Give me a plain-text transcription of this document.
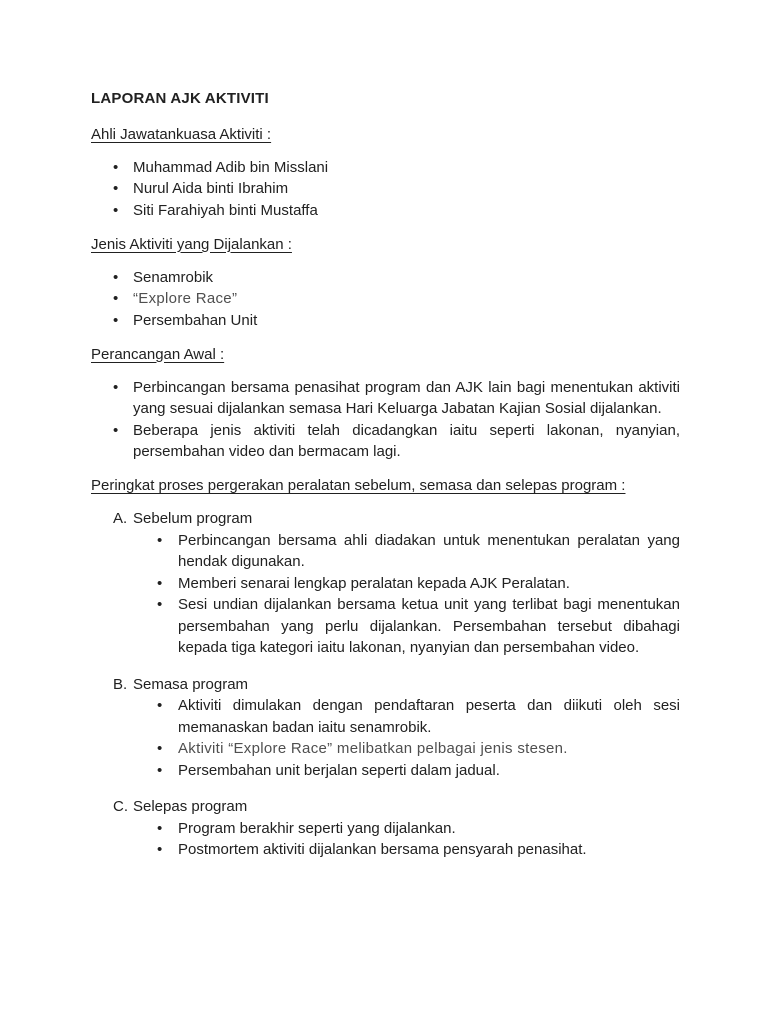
LAPORAN AJK AKTIVITI
Ahli Jawatankuasa Aktiviti :
• Muhammad Adib bin Misslani
• Nurul Aida binti Ibrahim
• Siti Farahiyah binti Mustaffa
Jenis Aktiviti yang Dijalankan :
• Senamrobik
• “Explore Race”
• Persembahan Unit
Perancangan Awal :
• Perbincangan bersama penasihat program dan AJK lain bagi menentukan aktiviti yang sesuai dijalankan semasa Hari Keluarga Jabatan Kajian Sosial dijalankan.
• Beberapa jenis aktiviti telah dicadangkan iaitu seperti lakonan, nyanyian, persembahan video dan bermacam lagi.
Peringkat proses pergerakan peralatan sebelum, semasa dan selepas program :
A. Sebelum program
•	Perbincangan bersama ahli diadakan untuk menentukan peralatan yang hendak digunakan.
•	Memberi senarai lengkap peralatan kepada AJK Peralatan.
•	Sesi undian dijalankan bersama ketua unit yang terlibat bagi menentukan persembahan yang perlu dijalankan. Persembahan tersebut dibahagi kepada tiga kategori iaitu lakonan, nyanyian dan persembahan video.
B. Semasa program
•	Aktiviti dimulakan dengan pendaftaran peserta dan diikuti oleh sesi memanaskan badan iaitu senamrobik.
•	Aktiviti “Explore Race” melibatkan pelbagai jenis stesen.
•	Persembahan unit berjalan seperti dalam jadual.
C. Selepas program
•	Program berakhir seperti yang dijalankan.
•	Postmortem aktiviti dijalankan bersama pensyarah penasihat.
